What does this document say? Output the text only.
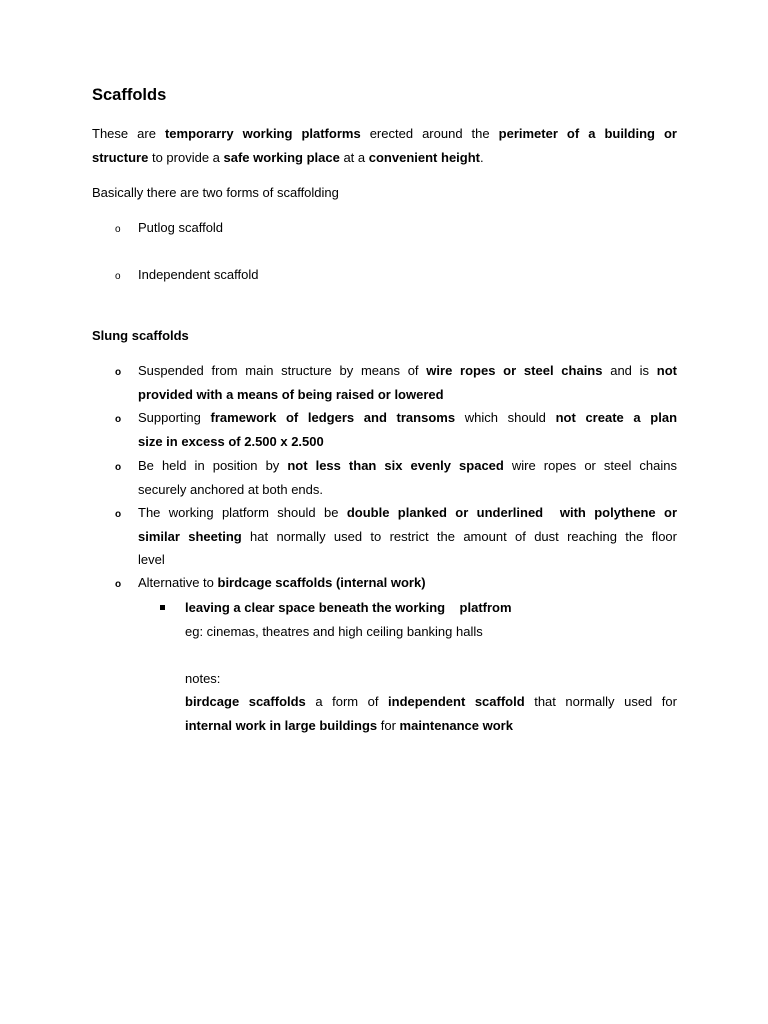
Scaffolds
These are temporarry working platforms erected around the perimeter of a building or
structure to provide a safe working place at a convenient height.
Basically there are two forms of scaffolding
o Putlog scaffold
o Independent scaffold
Slung scaffolds
o Suspended from main structure by means of wire ropes or steel chains and is not
provided with a means of being raised or lowered
o Supporting framework of ledgers and transoms which should not create a plan
size in excess of 2.500 x 2.500
o Be held in position by not less than six evenly spaced wire ropes or steel chains
securely anchored at both ends.
o The working platform should be double planked or underlined  with polythene or
similar sheeting hat normally used to restrict the amount of dust reaching the floor
level
o Alternative to birdcage scaffolds (internal work)
leaving a clear space beneath the working    platfrom
eg: cinemas, theatres and high ceiling banking halls
notes:
birdcage scaffolds a form of independent scaffold that normally used for
internal work in large buildings for maintenance work
